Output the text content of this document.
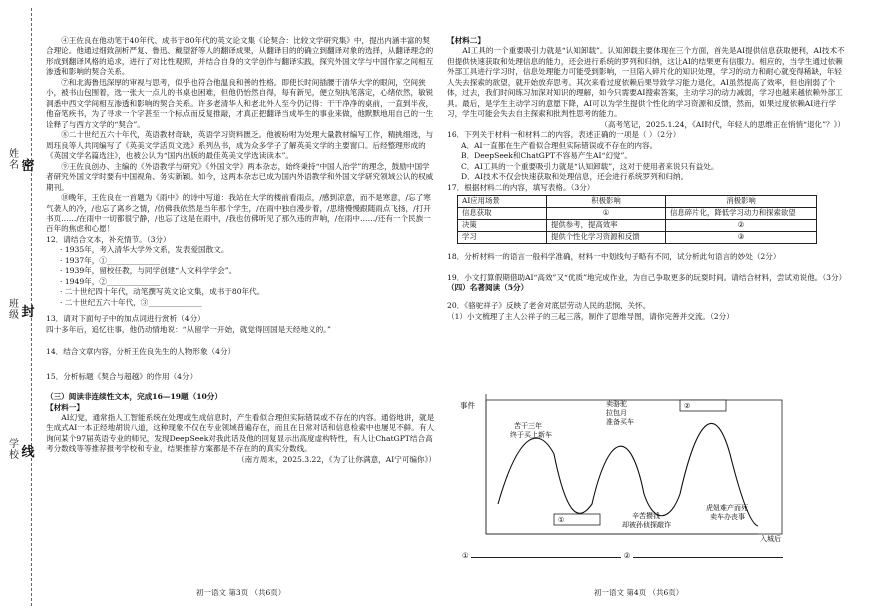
姓
名 密
班
级 封
学
校 线

④王佐良在他动笔于40年代、成书于80年代的英文论文集《论契合：比较文学研究集》中，提出内涵丰富的契合理论。他通过细致剖析严复、鲁迅、戴望舒等人的翻译成果，从翻译目的的确立到翻译对象的选择，从翻译理念的形成到翻译风格的追求，进行了对比性观照，并结合自身的文学创作与翻译实践，探究外国文学与中国作家之间相互渗透和影响的契合关系。

⑦和北海鲁迅深厚的审视与思考，似乎也符合他温良和善的性格。即使长时间插腰于清华大学的眼间，空间狭小，被书山包围着，选一张大一点儿的书桌也困难，但他仍怡然自得，每有新见，便立刻执笔落定，心绪依然，敏锐洞悉中西文学间相互渗透和影响的契合关系。许多老清华人和老北外人至今仍记得：干干净净的桌前，一直到半夜，他奋笔疾书，为了寻求一个字甚至一个标点而反复推敲，才真正把翻译当成毕生的事业来做，他默默地用自己的一生诠释了与西方文学的“契合”。

⑧二十世纪五六十年代，英语教材奇缺，英语学习资料匮乏。他被吩咐为处理大量教材编写工作，精挑细选，与周珏良等人共同编写了《英美文学活页文选》系列丛书，成为众多学子了解英美文学的主要窗口。后经整理形成的《英国文学名篇选注》，也被公认为“国内出版的最佳英美文学选读读本”。

⑨王佐良创办、主编的《外语教学与研究》《外国文学》两本杂志，始终秉持“中国人治学”的理念，鼓励中国学者研究外国文学时要有中国视角、务实新颖。如今，这两本杂志已成为国内外语教学和外国文学研究领域公认的权威期刊。

⑩晚年，王佐良在一首题为《雨中》的诗中写道：我站在大学的楼前看雨点，/感到凉意，而不是寒意，/忘了寒气袭人的冷，/也忘了离乡之情，/仿佛我依然是当年那个学生，/在雨中独自漫步着，/思绪慢慢跟随雨点飞扬，/打开书页……/在雨中一切都很宁静，/也忘了这是在雨中，/我也仿佛听见了那久违的声响，/在雨中……/还有一个民族一百年的焦虑和心愿！

12．请结合文本，补充情节。（3分）

· 1935年，考入清华大学外文系，发表爱国散文。

· 1937年，①______________

· 1939年，留校任教，与同学创建“人文科学学会”。

· 1949年，②______________

· 二十世纪四十年代，动笔撰写英文论文集，成书于80年代。

· 二十世纪五六十年代，③______________

13．请对下面句子中的加点词进行赏析（4分）

四十多年后，追忆往事，他仍动情地说：“从留学一开始，就觉得回国是天经地义的。”

14．结合文章内容，分析王佐良先生的人物形象（4分）

15．分析标题《契合与超越》的作用（4分）

（三）阅读非连续性文本，完成16—19题（10分）

【材料一】

AI幻觉，通常指人工智能系统在处理或生成信息时，产生看似合理但实际错误或不存在的内容。通俗地讲，就是生成式AI一本正经地胡说八道，这种现象不仅在专业领域普遍存在，而且在日常对话和信息检索中也屡见不鲜。有人询问某个97届英语专业的师兄，发现DeepSeek对我此话及他的回复显示出高度虚构特性，有人让ChatGPT结合高考分数线等等推荐报考学校和专业，结果推荐方案都是不存在的的真实分数线。

（南方周末，2025.3.22，《为了让你满意，AI宁可编你》）

初一语文 第3页 （共6页）

【材料二】

AI工具的一个重要吸引力就是“认知卸载”。认知卸载主要体现在三个方面，首先是AI提供信息获取便利，AI技术不但提供快速获取和处理信息的能力，还会进行系统的罗列和归纳，这让AI的结果更有信服力。相应的，当学生通过依赖外部工具进行学习时，信息处理能力可能受到影响，一旦陷入碎片化的知识处理，学习的动力和耐心就变得稀缺，年轻人失去探索的欲望，就开始放弃思考。其次来看过度依赖后果导致学习能力退化，AI虽然提高了效率，但也削弱了个体，过去，我们时间练习加深对知识的理解，如今只需要AI搜索答案，主动学习的动力减弱，学习也越来越依赖外部工具。最后，是学生主动学习的意愿下降，AI可以为学生提供个性化的学习资源和反馈，然而，如果过度依赖AI进行学习，学生可能会失去自主探索和批判性思考的能力。

（高考笔记，2025.1.24，《AI时代，年轻人的思维正在悄悄“退化”？》）

16．下列关于材料一和材料二的内容，表述正确的一项是（ ）（2分）

A．AI一直都在生产看似合理但实际错误或不存在的内容。

B．DeepSeek和ChatGPT不容易产生AI“幻觉”。

C．AI工具的一个重要吸引力就是“认知卸载”，这对于使用者来说只有益处。

D．AI技术不仅会快速获取和处理信息，还会进行系统罗列和归纳。

17．根据材料二的内容，填写表格。（3分）

AI应用场景	积极影响	消极影响
信息获取	①	信息碎片化，降低学习动力和探索欲望
决策	提供参考，提高效率	②
学习	提供个性化学习资源和反馈	③

18．分析材料一的语言一般科学准确，材料一中划线句子略有不同，试分析此句语言的妙处（2分）

19．小文打算假期借助AI“高效”又“优质”地完成作业，为自己争取更多的玩耍时间。请结合材料，尝试劝说他。（3分）

（四）名著阅读（5分）

20．《骆驼祥子》反映了老舍对底层劳动人民的悲悯、关怀。

（1）小文梳理了主人公祥子的三起三落，制作了思维导图，请你完善并交流。（2分）

事件
入城后
苦干三年 终于买上新车
卖骆驼 拉包月 准备买车
②
①	辛苦攒钱 却被孙侦探敲诈
虎妞难产而死 卖车办丧事
①	②
初一语文 第4页 （共6页）
